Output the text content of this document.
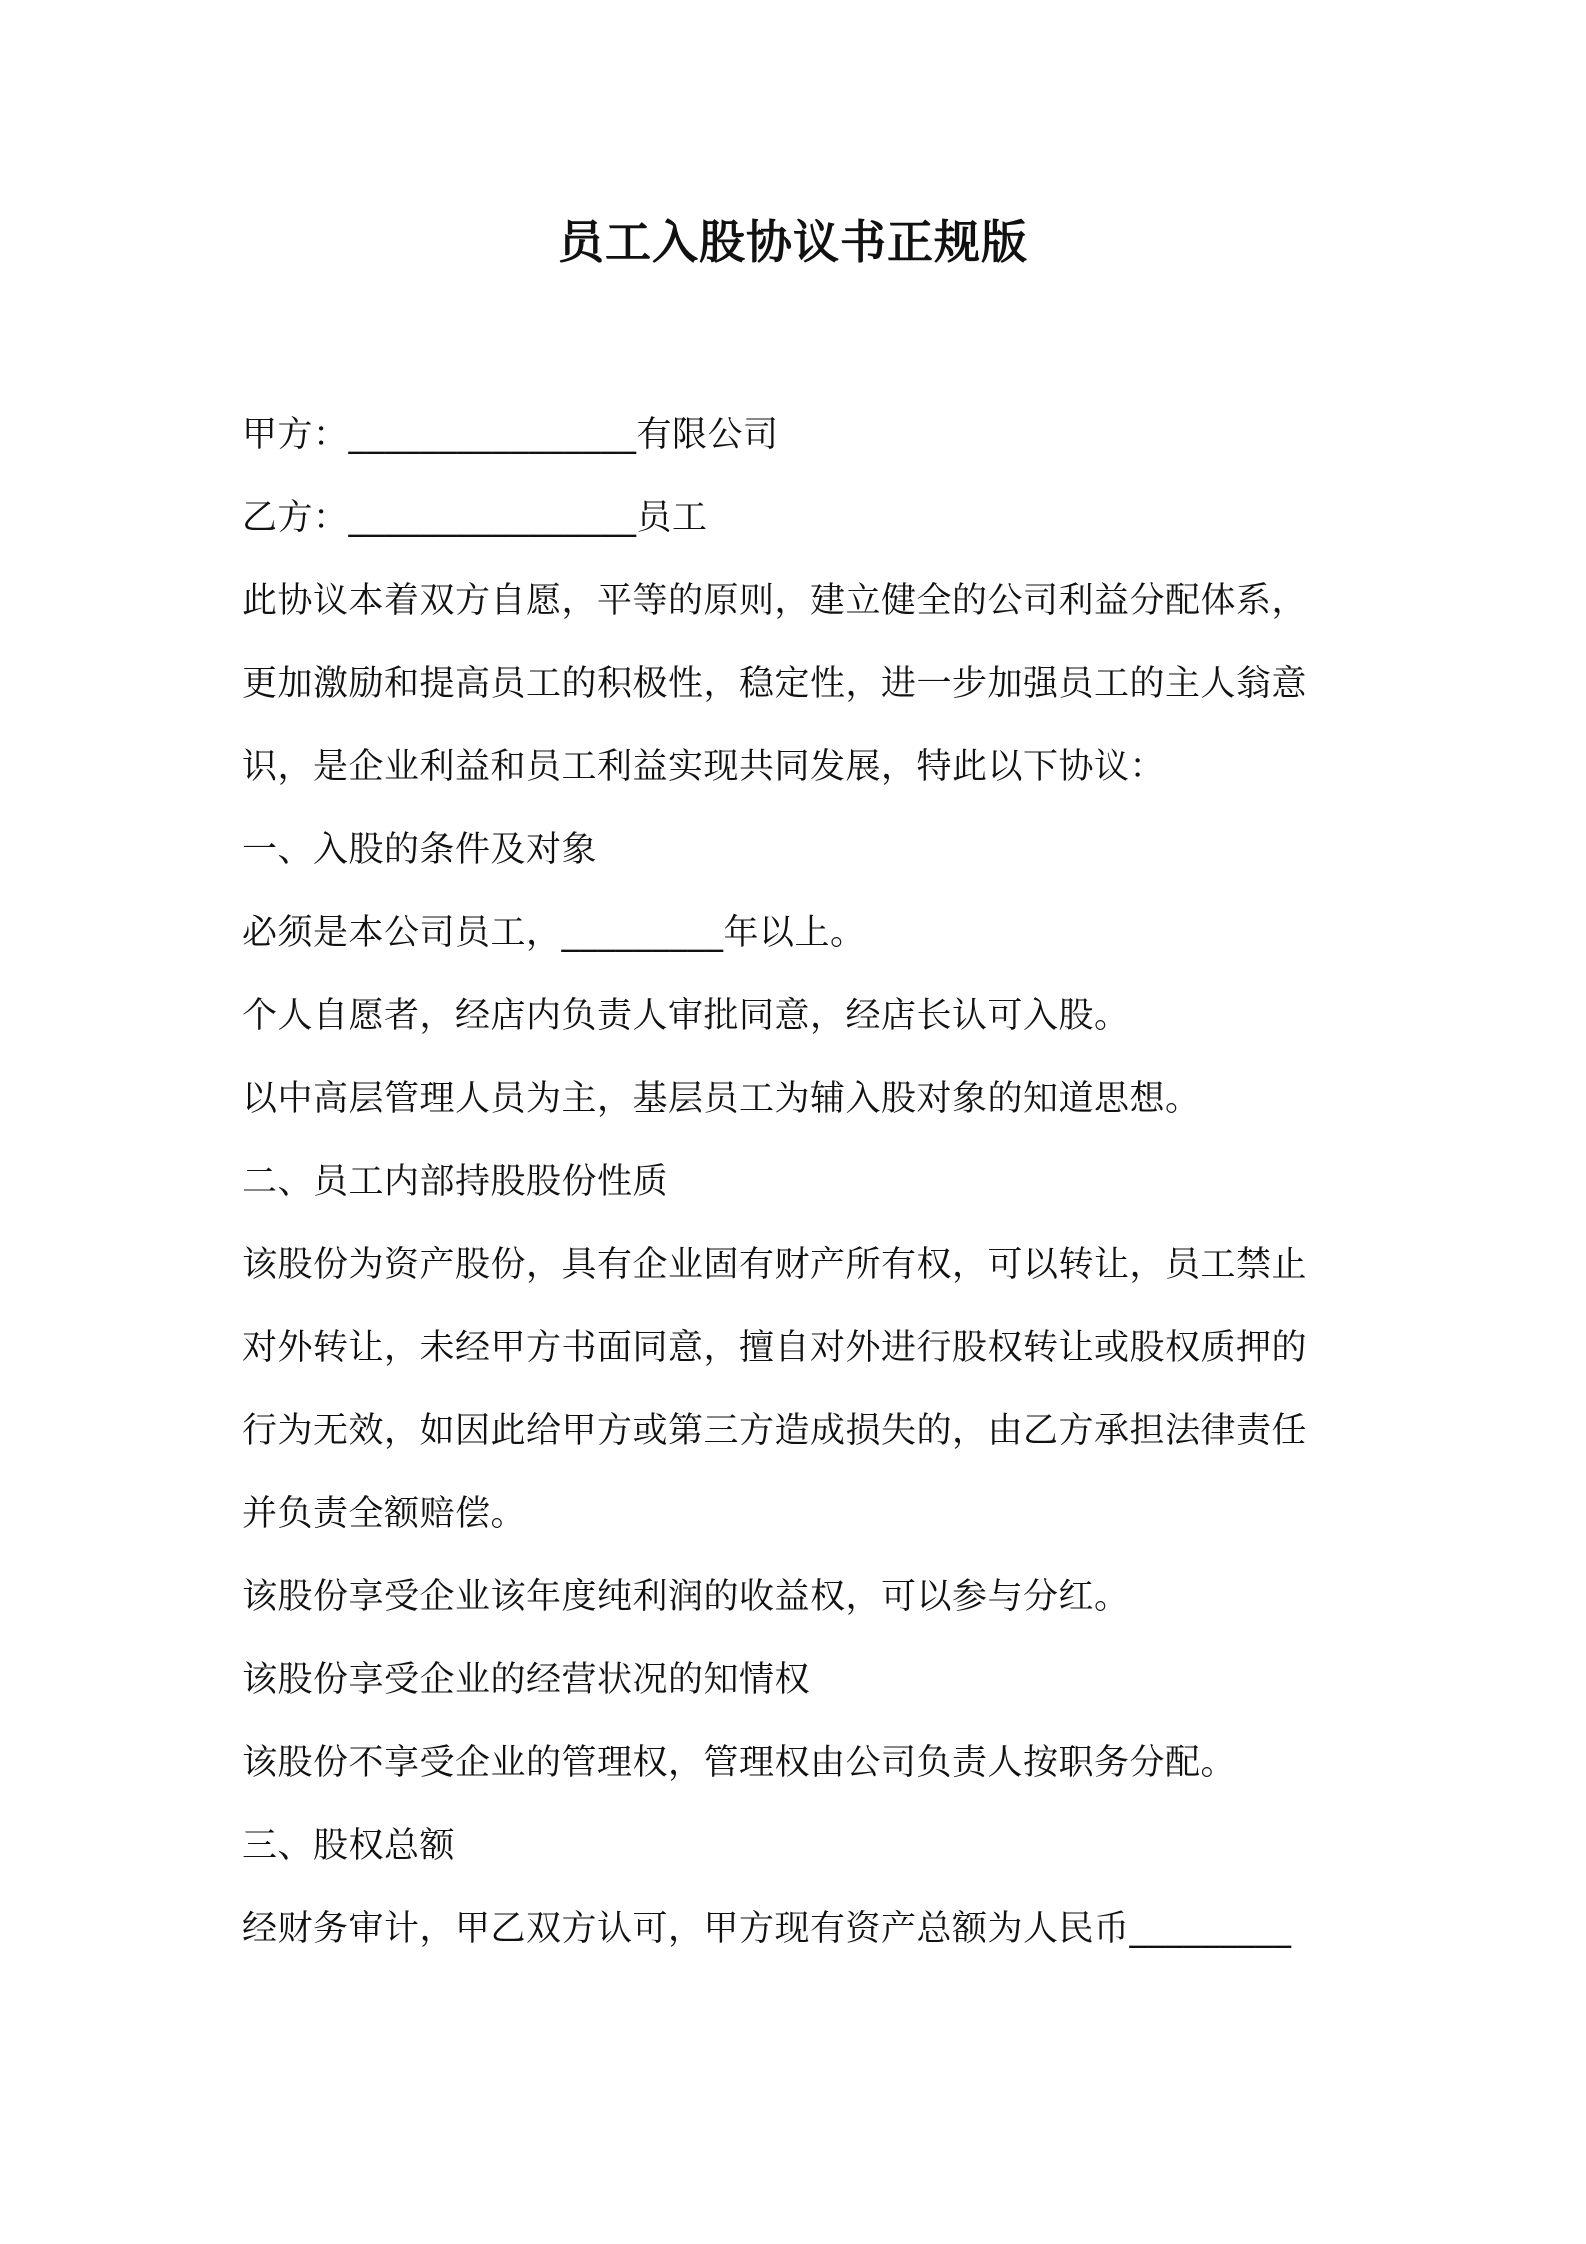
员工入股协议书正规版
甲方：________________有限公司
乙方：________________员工
此协议本着双方自愿，平等的原则，建立健全的公司利益分配体系，
更加激励和提高员工的积极性，稳定性，进一步加强员工的主人翁意
识，是企业利益和员工利益实现共同发展，特此以下协议：
一、入股的条件及对象
必须是本公司员工，_________年以上。
个人自愿者，经店内负责人审批同意，经店长认可入股。
以中高层管理人员为主，基层员工为辅入股对象的知道思想。
二、员工内部持股股份性质
该股份为资产股份，具有企业固有财产所有权，可以转让，员工禁止
对外转让，未经甲方书面同意，擅自对外进行股权转让或股权质押的
行为无效，如因此给甲方或第三方造成损失的，由乙方承担法律责任
并负责全额赔偿。
该股份享受企业该年度纯利润的收益权，可以参与分红。
该股份享受企业的经营状况的知情权
该股份不享受企业的管理权，管理权由公司负责人按职务分配。
三、股权总额
经财务审计，甲乙双方认可，甲方现有资产总额为人民币_________
